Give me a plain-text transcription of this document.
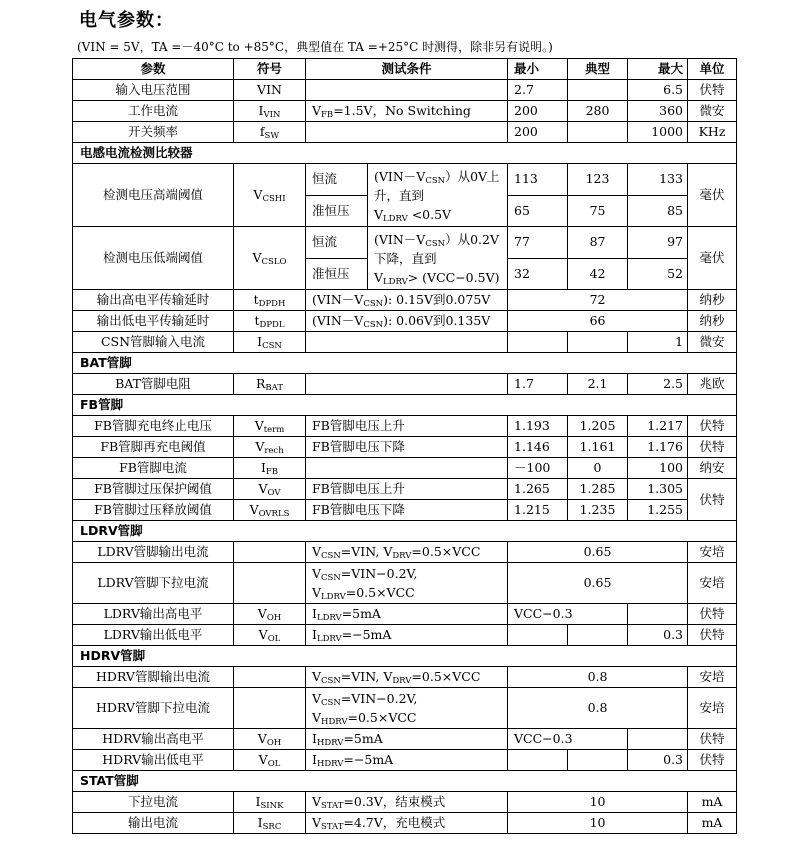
电气参数：
(VIN = 5V，TA =－40°C to +85°C，典型值在 TA =+25°C 时测得，除非另有说明。)
参数	符号	测试条件		最小	典型	最大	单位
输入电压范围	VIN			2.7		6.5	伏特
工作电流	$I_{VIN}$	$V_{FB}=1.5V$，No Switching		200	280	360	微安
开关频率	$f_{SW}$			200		1000	KHz
电感电流检测比较器							
检测电压高端阈值	$V_{CSHI}$	恒流	$(VIN-V_{CSN})$从0V上升，直到
$V_{LDRV} <0.5V$	113	123	133	毫伏
		准恒压		65	75	85	
检测电压低端阈值	$V_{CSLO}$	恒流	$(VIN-V_{CSN})$从0.2V下降，直到
$V_{LDRV}> (VCC-0.5V)$	77	87	97	毫伏
		准恒压		32	42	52	
输出高电平传输延时	$t_{DPDH}$	$(VIN-V_{CSN})$: 0.15V到0.075V		72			纳秒
输出低电平传输延时	$t_{DPDL}$	$(VIN-V_{CSN})$: 0.06V到0.135V		66			纳秒
CSN管脚输入电流	$I_{CSN}$					1	微安
BAT管脚							
BAT管脚电阻	$R_{BAT}$			1.7	2.1	2.5	兆欧
FB管脚							
FB管脚充电终止电压	$V_{term}$	FB管脚电压上升		1.193	1.205	1.217	伏特
FB管脚再充电阈值	$V_{rech}$	FB管脚电压下降		1.146	1.161	1.176	伏特
FB管脚电流	$I_{FB}$			－100	0	100	纳安
FB管脚过压保护阈值	$V_{OV}$	FB管脚电压上升		1.265	1.285	1.305	伏特
FB管脚过压释放阈值	$V_{OVRLS}$	FB管脚电压下降		1.215	1.235	1.255	
LDRV管脚							
LDRV管脚输出电流		$V_{CSN}=VIN$, $V_{DRV}=0.5\times VCC$		0.65			安培
LDRV管脚下拉电流		$V_{CSN}=VIN-0.2V$,
$V_{LDRV}=0.5\times VCC$		0.65			安培
LDRV输出高电平	$V_{OH}$	$I_{LDRV}=5mA$		VCC−0.3			伏特
LDRV输出低电平	$V_{OL}$	$I_{LDRV}=-5mA$				0.3	伏特
HDRV管脚							
HDRV管脚输出电流		$V_{CSN}=VIN$, $V_{DRV}=0.5\times VCC$		0.8			安培
HDRV管脚下拉电流		$V_{CSN}=VIN-0.2V$,
$V_{HDRV}=0.5\times VCC$		0.8			安培
HDRV输出高电平	$V_{OH}$	$I_{HDRV}=5mA$		VCC−0.3			伏特
HDRV输出低电平	$V_{OL}$	$I_{HDRV}=-5mA$				0.3	伏特
STAT管脚							
下拉电流	$I_{SINK}$	$V_{STAT}=0.3V$，结束模式		10			mA
输出电流	$I_{SRC}$	$V_{STAT}=4.7V$，充电模式		10			mA
